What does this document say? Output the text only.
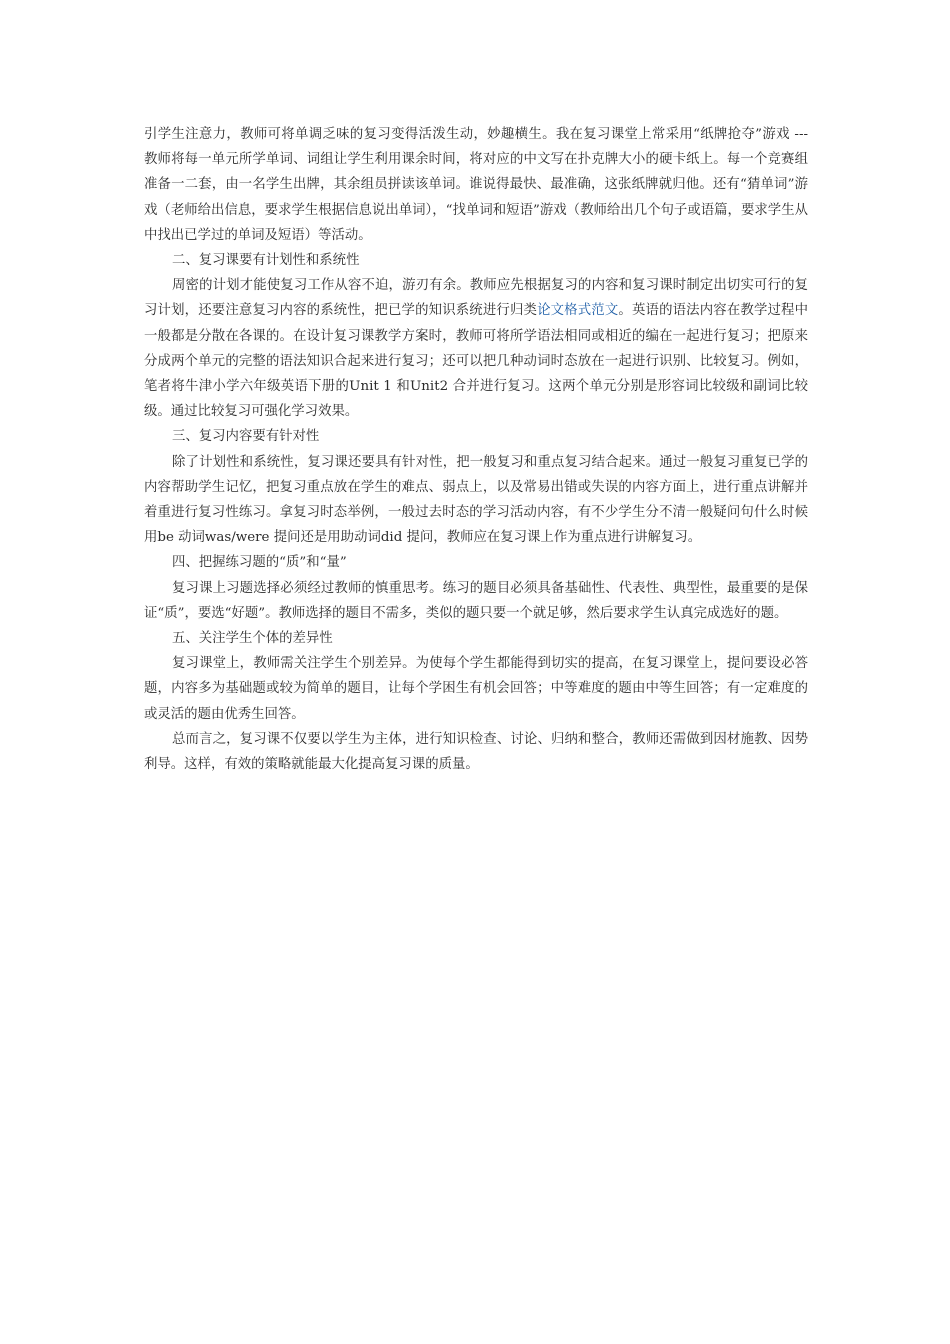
引学生注意力，教师可将单调乏味的复习变得活泼生动，妙趣横生。我在复习课堂上常采用“纸牌抢夺”游戏 --- 教师将每一单元所学单词、词组让学生利用课余时间，将对应的中文写在扑克牌大小的硬卡纸上。每一个竞赛组准备一二套，由一名学生出牌，其余组员拼读该单词。谁说得最快、最准确，这张纸牌就归他。还有“猜单词”游戏（老师给出信息，要求学生根据信息说出单词），“找单词和短语”游戏（教师给出几个句子或语篇，要求学生从中找出已学过的单词及短语）等活动。

二、复习课要有计划性和系统性

周密的计划才能使复习工作从容不迫，游刃有余。教师应先根据复习的内容和复习课时制定出切实可行的复习计划，还要注意复习内容的系统性，把已学的知识系统进行归类论文格式范文。英语的语法内容在教学过程中一般都是分散在各课的。在设计复习课教学方案时，教师可将所学语法相同或相近的编在一起进行复习；把原来分成两个单元的完整的语法知识合起来进行复习；还可以把几种动词时态放在一起进行识别、比较复习。例如，笔者将牛津小学六年级英语下册的Unit 1 和Unit2 合并进行复习。这两个单元分别是形容词比较级和副词比较级。通过比较复习可强化学习效果。

三、复习内容要有针对性

除了计划性和系统性，复习课还要具有针对性，把一般复习和重点复习结合起来。通过一般复习重复已学的内容帮助学生记忆，把复习重点放在学生的难点、弱点上，以及常易出错或失误的内容方面上，进行重点讲解并着重进行复习性练习。拿复习时态举例，一般过去时态的学习活动内容，有不少学生分不清一般疑问句什么时候用be 动词was/were 提问还是用助动词did 提问，教师应在复习课上作为重点进行讲解复习。

四、把握练习题的“质”和“量”

复习课上习题选择必须经过教师的慎重思考。练习的题目必须具备基础性、代表性、典型性，最重要的是保证“质”，要选“好题”。教师选择的题目不需多，类似的题只要一个就足够，然后要求学生认真完成选好的题。

五、关注学生个体的差异性

复习课堂上，教师需关注学生个别差异。为使每个学生都能得到切实的提高，在复习课堂上，提问要设必答题，内容多为基础题或较为简单的题目，让每个学困生有机会回答；中等难度的题由中等生回答；有一定难度的或灵活的题由优秀生回答。

总而言之，复习课不仅要以学生为主体，进行知识检查、讨论、归纳和整合，教师还需做到因材施教、因势利导。这样，有效的策略就能最大化提高复习课的质量。
